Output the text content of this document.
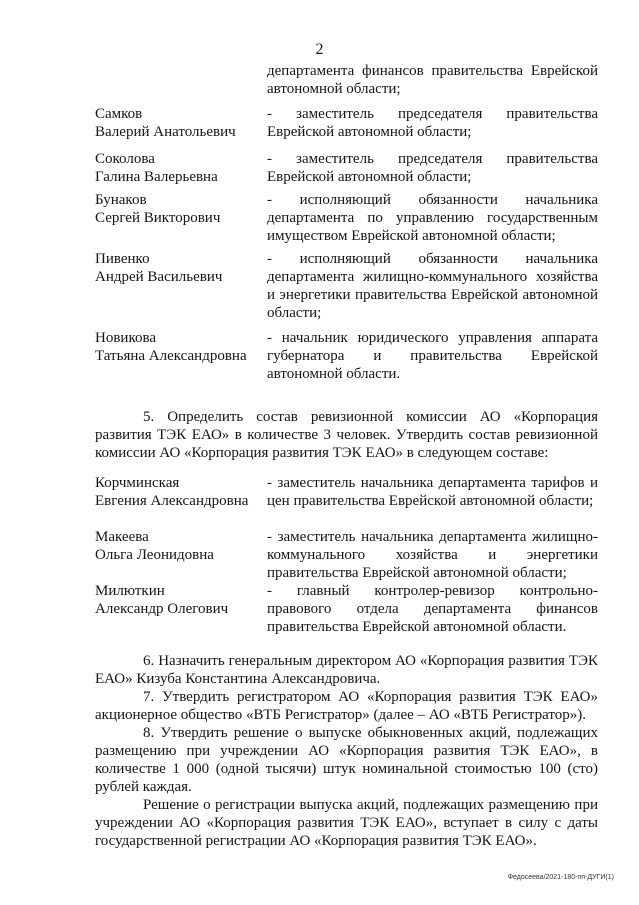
2
департамента финансов правительства Еврейской автономной области;
Самков
Валерий Анатольевич
- заместитель председателя правительства Еврейской автономной области;
Соколова
Галина Валерьевна
- заместитель председателя правительства Еврейской автономной области;
Бунаков
Сергей Викторович
- исполняющий обязанности начальника департамента по управлению государственным имуществом Еврейской автономной области;
Пивенко
Андрей Васильевич
- исполняющий обязанности начальника департамента жилищно-коммунального хозяйства и энергетики правительства Еврейской автономной области;
Новикова
Татьяна Александровна
- начальник юридического управления аппарата губернатора и правительства Еврейской автономной области.
5. Определить состав ревизионной комиссии АО «Корпорация развития ТЭК ЕАО» в количестве 3 человек. Утвердить состав ревизионной комиссии АО «Корпорация развития ТЭК ЕАО» в следующем составе:
Корчминская
Евгения Александровна
- заместитель начальника департамента тарифов и цен правительства Еврейской автономной области;
Макеева
Ольга Леонидовна
- заместитель начальника департамента жилищно-коммунального хозяйства и энергетики правительства Еврейской автономной области;
Милюткин
Александр Олегович
- главный контролер-ревизор контрольно-правового отдела департамента финансов правительства Еврейской автономной области.
6. Назначить генеральным директором АО «Корпорация развития ТЭК ЕАО» Кизуба Константина Александровича.
7. Утвердить регистратором АО «Корпорация развития ТЭК ЕАО» акционерное общество «ВТБ Регистратор» (далее – АО «ВТБ Регистратор»).
8. Утвердить решение о выпуске обыкновенных акций, подлежащих размещению при учреждении АО «Корпорация развития ТЭК ЕАО», в количестве 1 000 (одной тысячи) штук номинальной стоимостью 100 (сто) рублей каждая.
Решение о регистрации выпуска акций, подлежащих размещению при учреждении АО «Корпорация развития ТЭК ЕАО», вступает в силу с даты государственной регистрации АО «Корпорация развития ТЭК ЕАО».
Федосеева/2021-180-пп-ДУГИ(1)
